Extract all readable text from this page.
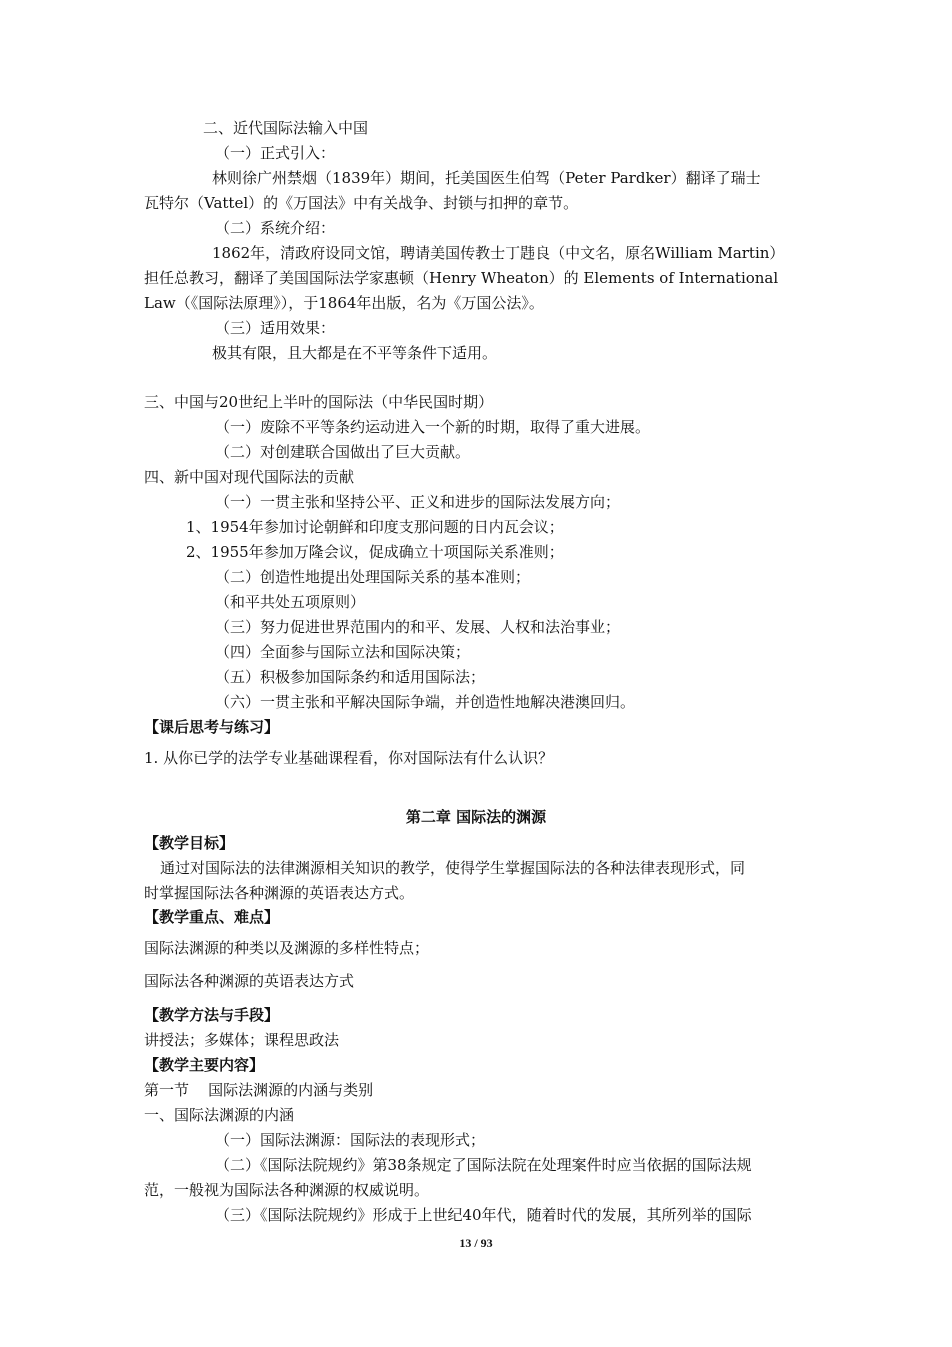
二、近代国际法输入中国
（一）正式引入：
林则徐广州禁烟（1839年）期间，托美国医生伯驾（Peter Pardker）翻译了瑞士
瓦特尔（Vattel）的《万国法》中有关战争、封锁与扣押的章节。
（二）系统介绍：
1862年，清政府设同文馆，聘请美国传教士丁韪良（中文名，原名William Martin）
担任总教习，翻译了美国国际法学家惠顿（Henry Wheaton）的 Elements of International
Law（《国际法原理》），于1864年出版，名为《万国公法》。
（三）适用效果：
极其有限，且大都是在不平等条件下适用。
三、中国与20世纪上半叶的国际法（中华民国时期）
（一）废除不平等条约运动进入一个新的时期，取得了重大进展。
（二）对创建联合国做出了巨大贡献。
四、新中国对现代国际法的贡献
（一）一贯主张和坚持公平、正义和进步的国际法发展方向；
1、1954年参加讨论朝鲜和印度支那问题的日内瓦会议；
2、1955年参加万隆会议，促成确立十项国际关系准则；
（二）创造性地提出处理国际关系的基本准则；
（和平共处五项原则）
（三）努力促进世界范围内的和平、发展、人权和法治事业；
（四）全面参与国际立法和国际决策；
（五）积极参加国际条约和适用国际法；
（六）一贯主张和平解决国际争端，并创造性地解决港澳回归。
【课后思考与练习】
1. 从你已学的法学专业基础课程看，你对国际法有什么认识？
第二章 国际法的渊源
【教学目标】
通过对国际法的法律渊源相关知识的教学，使得学生掌握国际法的各种法律表现形式，同
时掌握国际法各种渊源的英语表达方式。
【教学重点、难点】
国际法渊源的种类以及渊源的多样性特点；
国际法各种渊源的英语表达方式
【教学方法与手段】
讲授法；多媒体；课程思政法
【教学主要内容】
第一节    国际法渊源的内涵与类别
一、国际法渊源的内涵
（一）国际法渊源：国际法的表现形式；
（二）《国际法院规约》第38条规定了国际法院在处理案件时应当依据的国际法规
范，一般视为国际法各种渊源的权威说明。
（三）《国际法院规约》形成于上世纪40年代，随着时代的发展，其所列举的国际
13 / 93
